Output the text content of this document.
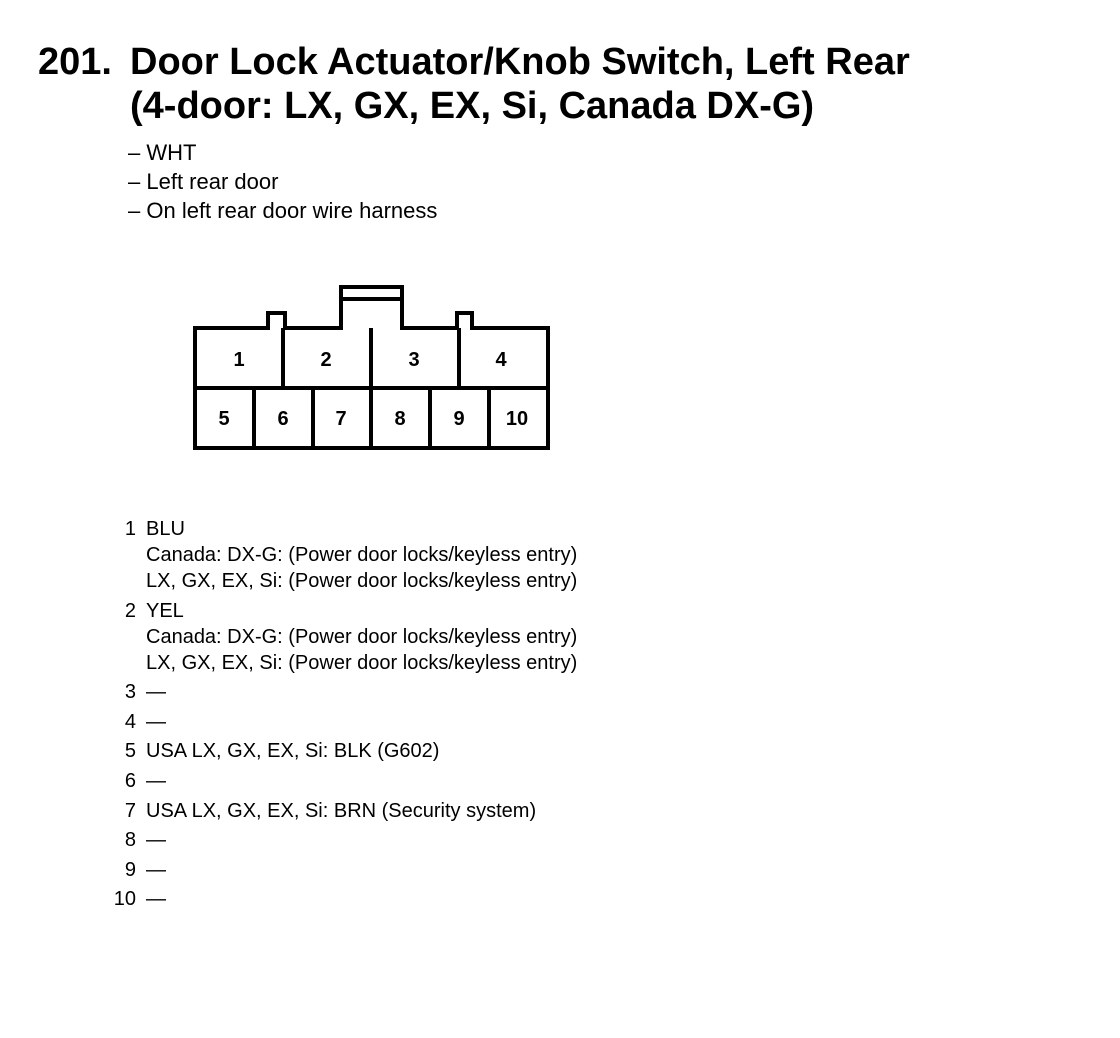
201. Door Lock Actuator/Knob Switch, Left Rear
(4-door: LX, GX, EX, Si, Canada DX-G)
– WHT
– Left rear door
– On left rear door wire harness
1	2	3	4
5 6 7 8 9 10
1 BLU
Canada: DX-G: (Power door locks/keyless entry)
LX, GX, EX, Si: (Power door locks/keyless entry)
2 YEL
Canada: DX-G: (Power door locks/keyless entry)
LX, GX, EX, Si: (Power door locks/keyless entry)
3 —
4 —
5 USA LX, GX, EX, Si: BLK (G602)
6 —
7 USA LX, GX, EX, Si: BRN (Security system)
8 —
9 —
10 —
